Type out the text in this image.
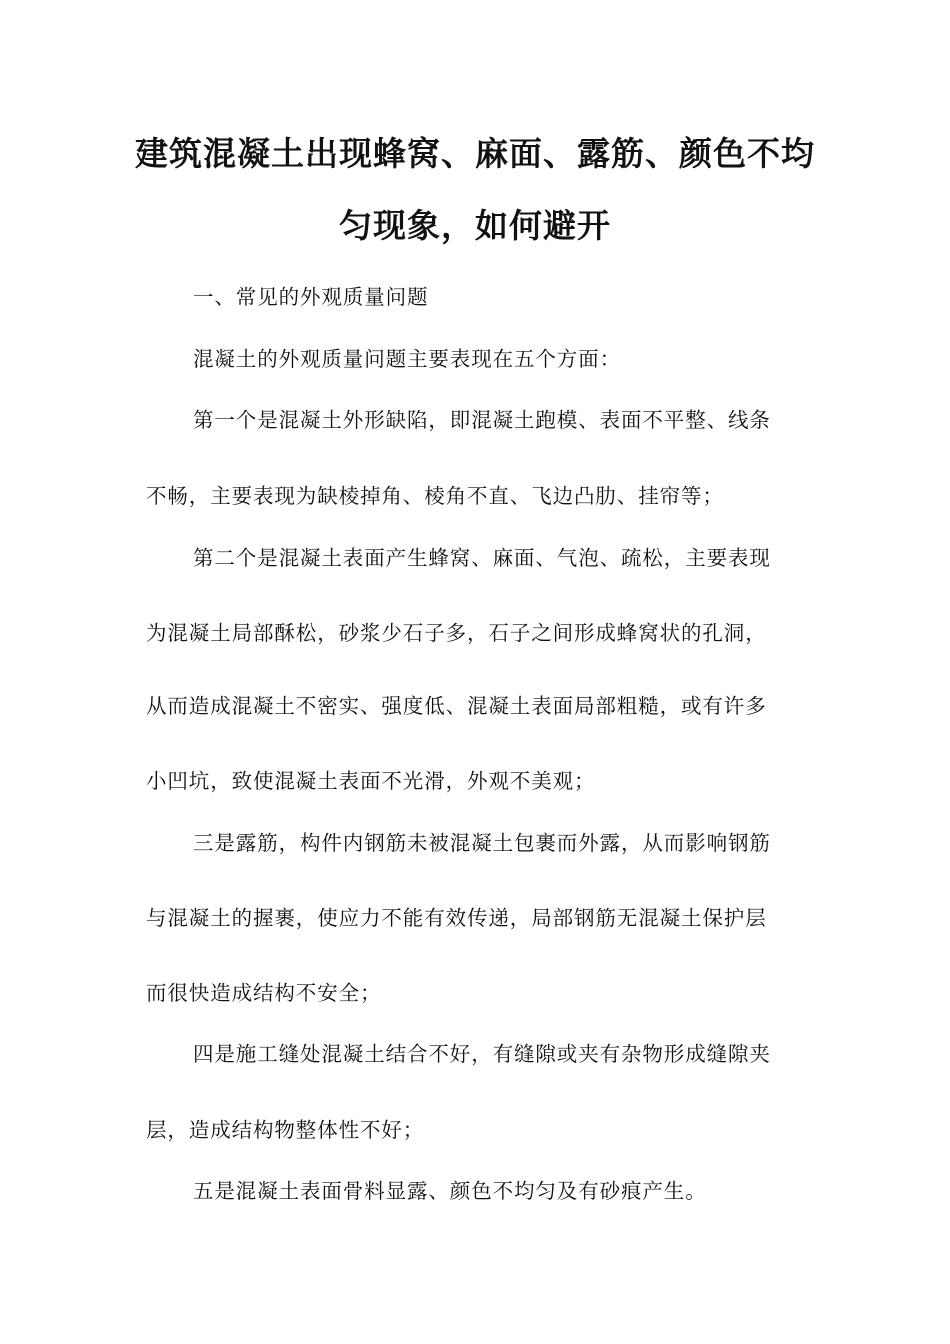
建筑混凝土出现蜂窝、麻面、露筋、颜色不均
匀现象，如何避开
一、常见的外观质量问题
混凝土的外观质量问题主要表现在五个方面：
第一个是混凝土外形缺陷，即混凝土跑模、表面不平整、线条
不畅，主要表现为缺棱掉角、棱角不直、飞边凸肋、挂帘等；
第二个是混凝土表面产生蜂窝、麻面、气泡、疏松，主要表现
为混凝土局部酥松，砂浆少石子多，石子之间形成蜂窝状的孔洞，
从而造成混凝土不密实、强度低、混凝土表面局部粗糙，或有许多
小凹坑，致使混凝土表面不光滑，外观不美观；
三是露筋，构件内钢筋未被混凝土包裹而外露，从而影响钢筋
与混凝土的握裹，使应力不能有效传递，局部钢筋无混凝土保护层
而很快造成结构不安全；
四是施工缝处混凝土结合不好，有缝隙或夹有杂物形成缝隙夹
层，造成结构物整体性不好；
五是混凝土表面骨料显露、颜色不均匀及有砂痕产生。
